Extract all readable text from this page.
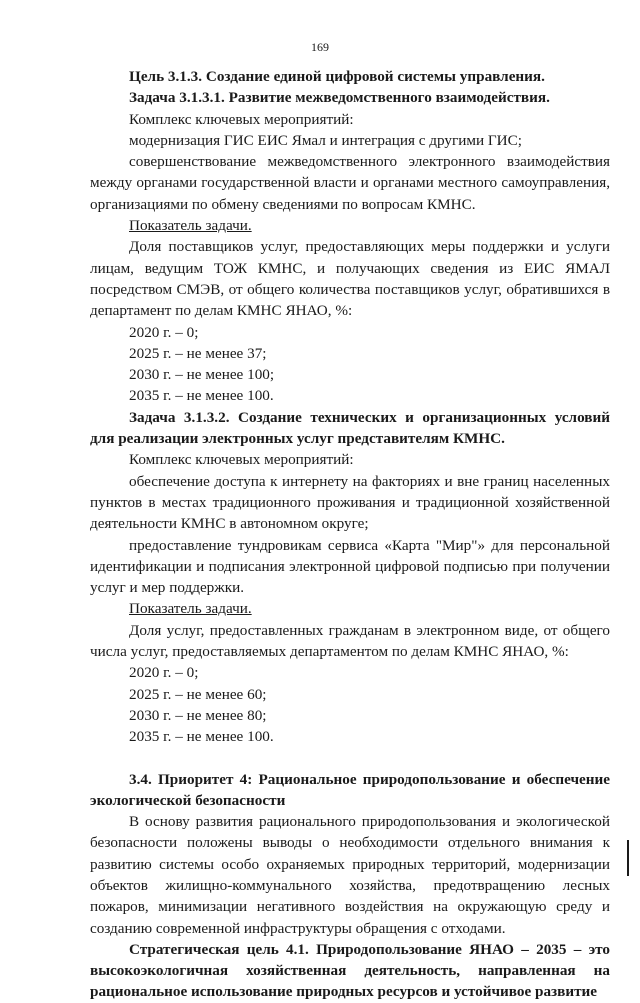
169

Цель 3.1.3. Создание единой цифровой системы управления.

Задача 3.1.3.1. Развитие межведомственного взаимодействия.

Комплекс ключевых мероприятий:

модернизация ГИС ЕИС Ямал и интеграция с другими ГИС;

совершенствование межведомственного электронного взаимодействия между органами государственной власти и органами местного самоуправления, организациями по обмену сведениями по вопросам КМНС.

Показатель задачи.

Доля поставщиков услуг, предоставляющих меры поддержки и услуги лицам, ведущим ТОЖ КМНС, и получающих сведения из ЕИС ЯМАЛ посредством СМЭВ, от общего количества поставщиков услуг, обратившихся в департамент по делам КМНС ЯНАО, %:

2020 г. – 0;

2025 г. – не менее 37;

2030 г. – не менее 100;

2035 г. – не менее 100.

Задача 3.1.3.2. Создание технических и организационных условий для реализации электронных услуг представителям КМНС.

Комплекс ключевых мероприятий:

обеспечение доступа к интернету на факториях и вне границ населенных пунктов в местах традиционного проживания и традиционной хозяйственной деятельности КМНС в автономном округе;

предоставление тундровикам сервиса «Карта "Мир"» для персональной идентификации и подписания электронной цифровой подписью при получении услуг и мер поддержки.

Показатель задачи.

Доля услуг, предоставленных гражданам в электронном виде, от общего числа услуг, предоставляемых департаментом по делам КМНС ЯНАО, %:

2020 г. – 0;

2025 г. – не менее 60;

2030 г. – не менее 80;

2035 г. – не менее 100.

3.4. Приоритет 4: Рациональное природопользование и обеспечение экологической безопасности

В основу развития рационального природопользования и экологической безопасности положены выводы о необходимости отдельного внимания к развитию системы особо охраняемых природных территорий, модернизации объектов жилищно-коммунального хозяйства, предотвращению лесных пожаров, минимизации негативного воздействия на окружающую среду и созданию современной инфраструктуры обращения с отходами.

Стратегическая цель 4.1. Природопользование ЯНАО – 2035 – это высокоэкологичная хозяйственная деятельность, направленная на рациональное использование природных ресурсов и устойчивое развитие
